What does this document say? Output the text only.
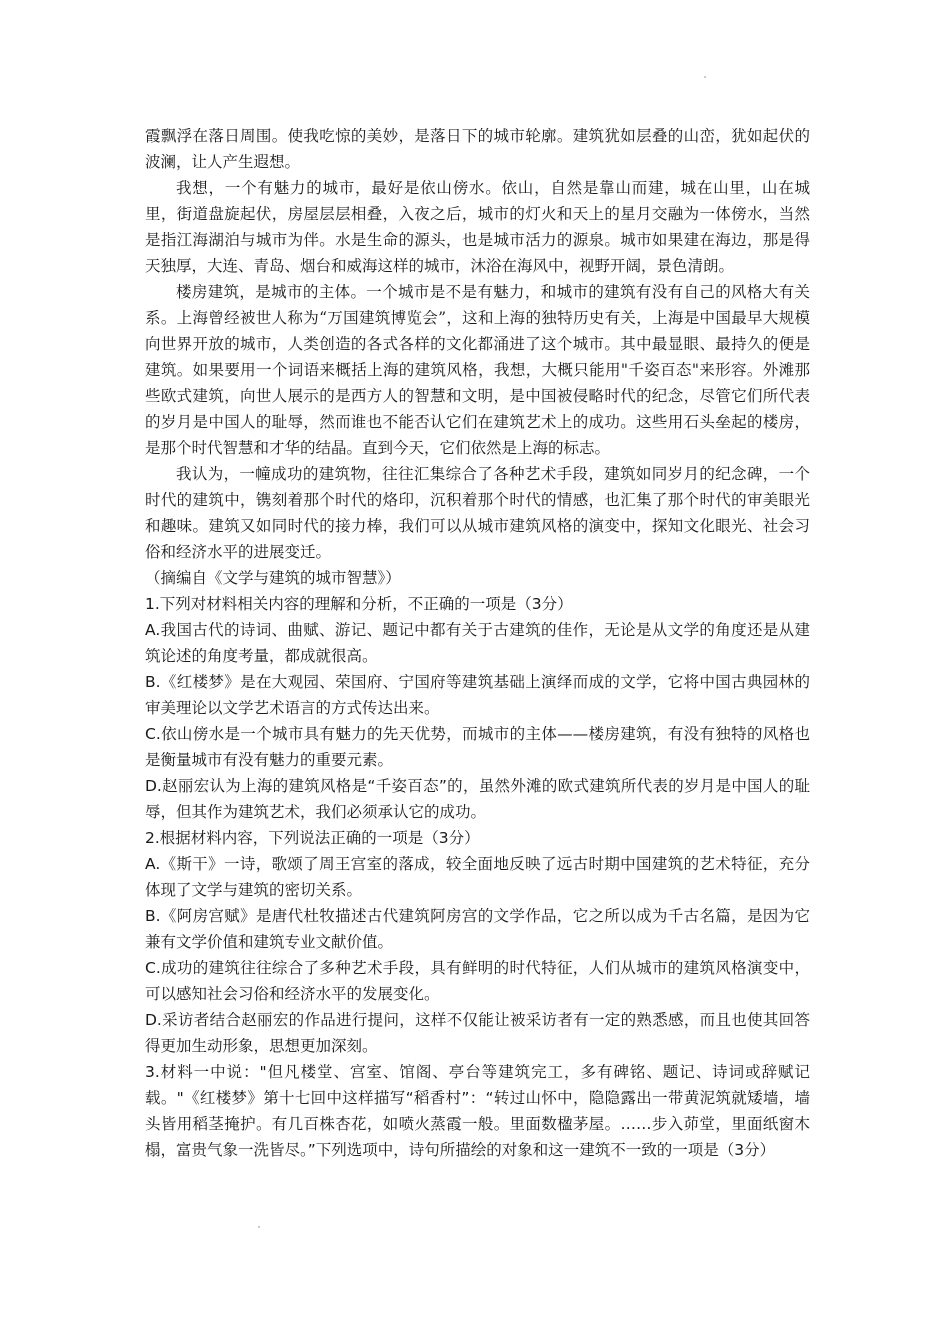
霞飘浮在落日周围。使我吃惊的美妙，是落日下的城市轮廓。建筑犹如层叠的山峦，犹如起伏的波澜，让人产生遐想。

我想，一个有魅力的城市，最好是依山傍水。依山，自然是靠山而建，城在山里，山在城里，街道盘旋起伏，房屋层层相叠，入夜之后，城市的灯火和天上的星月交融为一体傍水，当然是指江海湖泊与城市为伴。水是生命的源头，也是城市活力的源泉。城市如果建在海边，那是得天独厚，大连、青岛、烟台和威海这样的城市，沐浴在海风中，视野开阔，景色清朗。

楼房建筑，是城市的主体。一个城市是不是有魅力，和城市的建筑有没有自己的风格大有关系。上海曾经被世人称为“万国建筑博览会”，这和上海的独特历史有关，上海是中国最早大规模向世界开放的城市，人类创造的各式各样的文化都涌进了这个城市。其中最显眼、最持久的便是建筑。如果要用一个词语来概括上海的建筑风格，我想，大概只能用"千姿百态"来形容。外滩那些欧式建筑，向世人展示的是西方人的智慧和文明，是中国被侵略时代的纪念，尽管它们所代表的岁月是中国人的耻辱，然而谁也不能否认它们在建筑艺术上的成功。这些用石头垒起的楼房，是那个时代智慧和才华的结晶。直到今天，它们依然是上海的标志。

我认为，一幢成功的建筑物，往往汇集综合了各种艺术手段，建筑如同岁月的纪念碑，一个时代的建筑中，镌刻着那个时代的烙印，沉积着那个时代的情感，也汇集了那个时代的审美眼光和趣味。建筑又如同时代的接力棒，我们可以从城市建筑风格的演变中，探知文化眼光、社会习俗和经济水平的进展变迁。

（摘编自《文学与建筑的城市智慧》）

1.下列对材料相关内容的理解和分析，不正确的一项是（3分）

A.我国古代的诗词、曲赋、游记、题记中都有关于古建筑的佳作，无论是从文学的角度还是从建筑论述的角度考量，都成就很高。

B.《红楼梦》是在大观园、荣国府、宁国府等建筑基础上演绎而成的文学，它将中国古典园林的审美理论以文学艺术语言的方式传达出来。

C.依山傍水是一个城市具有魅力的先天优势，而城市的主体——楼房建筑，有没有独特的风格也是衡量城市有没有魅力的重要元素。

D.赵丽宏认为上海的建筑风格是“千姿百态”的，虽然外滩的欧式建筑所代表的岁月是中国人的耻辱，但其作为建筑艺术，我们必须承认它的成功。

2.根据材料内容，下列说法正确的一项是（3分）

A.《斯干》一诗，歌颂了周王宫室的落成，较全面地反映了远古时期中国建筑的艺术特征，充分体现了文学与建筑的密切关系。

B.《阿房宫赋》是唐代杜牧描述古代建筑阿房宫的文学作品，它之所以成为千古名篇，是因为它兼有文学价值和建筑专业文献价值。

C.成功的建筑往往综合了多种艺术手段，具有鲜明的时代特征，人们从城市的建筑风格演变中，可以感知社会习俗和经济水平的发展变化。

D.采访者结合赵丽宏的作品进行提问，这样不仅能让被采访者有一定的熟悉感，而且也使其回答得更加生动形象，思想更加深刻。

3.材料一中说："但凡楼堂、宫室、馆阁、亭台等建筑完工，多有碑铭、题记、诗词或辞赋记载。"《红楼梦》第十七回中这样描写“稻香村”：“转过山怀中，隐隐露出一带黄泥筑就矮墙，墙头皆用稻茎掩护。有几百株杏花，如喷火蒸霞一般。里面数楹茅屋。……步入茆堂，里面纸窗木榻，富贵气象一洗皆尽。”下列选项中，诗句所描绘的对象和这一建筑不一致的一项是（3分）
